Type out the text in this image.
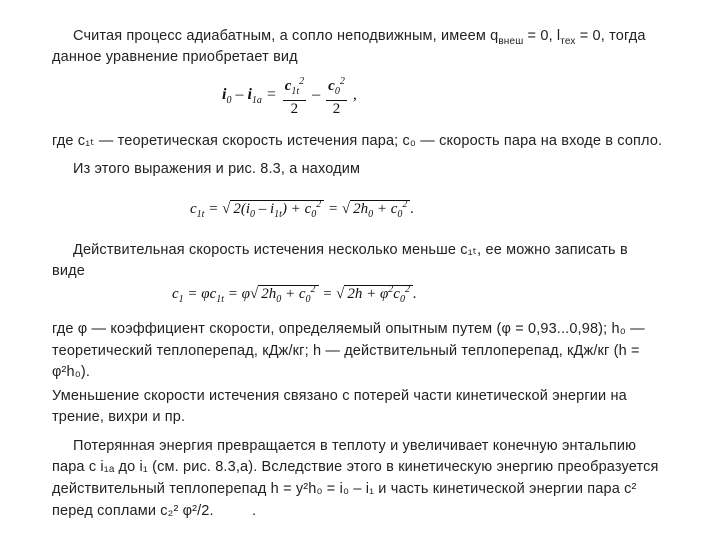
Считая процесс адиабатным, а сопло неподвижным, имеем $q_{внеш} = 0$, $l_{тех} = 0$, тогда
данное уравнение приобретает вид
$i_0 - i_{1a} = \frac{c_{1t}^2}{2} - \frac{c_0^2}{2}$ ,
где c₁ₜ — теоретическая скорость истечения пара; c₀ — скорость пара на входе в сопло.
Из этого выражения и рис. 8.3, а находим
$c_{1t}$ = √ $2(i_0 - i_{1t}) + c_0^2$ = √ $2h_0 + c_0^2$ .
Действительная скорость истечения несколько меньше c₁ₜ, ее можно записать в
виде
$c_1 = \varphi c_{1t} = \varphi√$ $2h_0 + c_0^2$ = √ $2h + \varphi^2c_0^2$ .
где φ — коэффициент скорости, определяемый опытным путем (φ = 0,93...0,98); h₀ —
теоретический теплоперепад, кДж/кг; h — действительный теплоперепад, кДж/кг (h =
φ²h₀).
Уменьшение скорости истечения связано с потерей части кинетической энергии на
трение, вихри и пр.
Потерянная энергия превращается в теплоту и увеличивает конечную энтальпию
пара с i₁ₐ до i₁ (см. рис. 8.3,а). Вследствие этого в кинетическую энергию преобразуется
действительный теплоперепад h = y²h₀ = i₀ – i₁ и часть кинетической энергии пара c²
перед соплами c₂² φ²/2.	.
